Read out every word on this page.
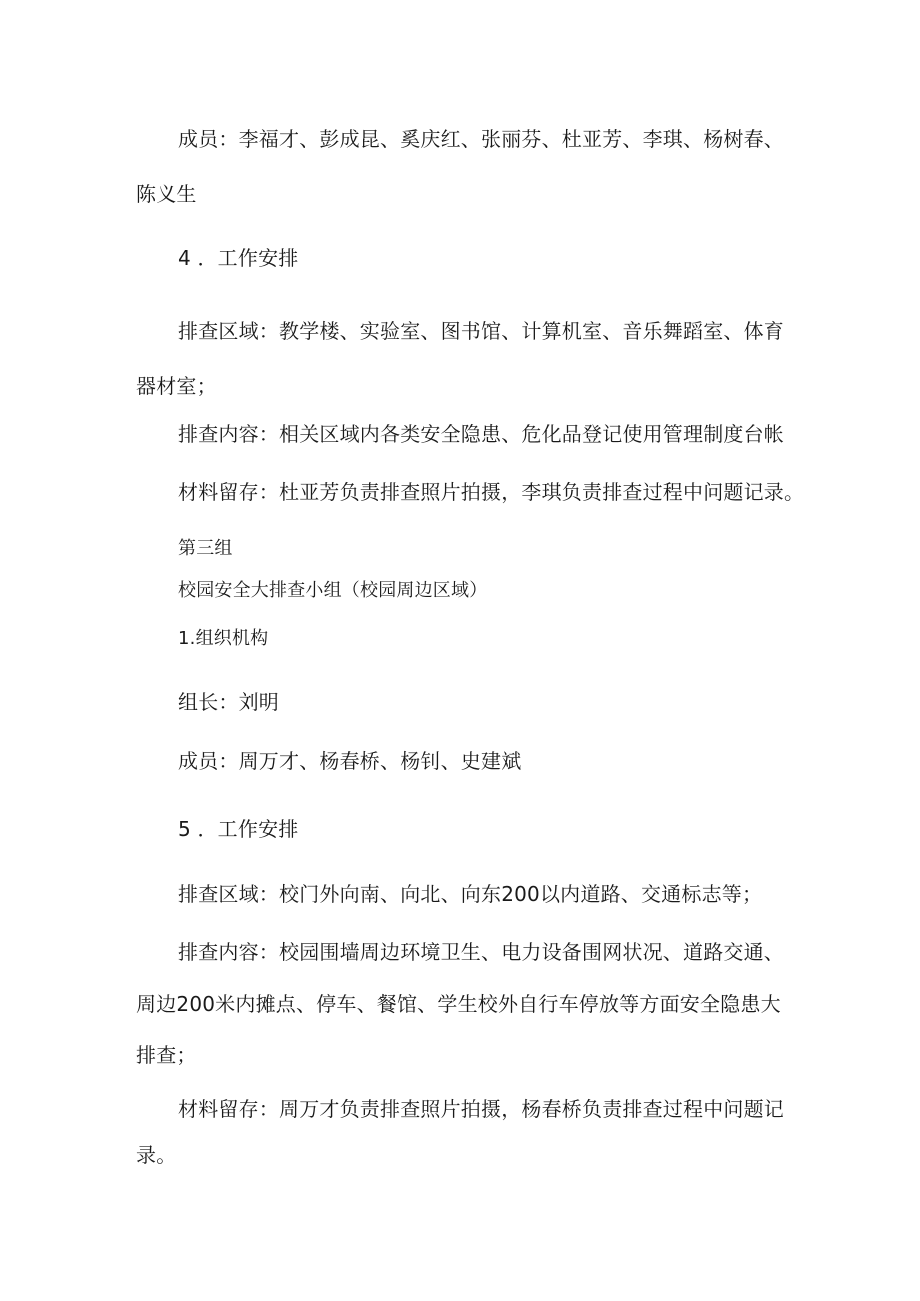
成员：李福才、彭成昆、奚庆红、张丽芬、杜亚芳、李琪、杨树春、
陈义生
4 ．工作安排
排查区域：教学楼、实验室、图书馆、计算机室、音乐舞蹈室、体育
器材室；
排查内容：相关区域内各类安全隐患、危化品登记使用管理制度台帐
材料留存：杜亚芳负责排查照片拍摄，李琪负责排查过程中问题记录。
第三组
校园安全大排查小组（校园周边区域）
1.组织机构
组长：刘明
成员：周万才、杨春桥、杨钊、史建斌
5 ．工作安排
排查区域：校门外向南、向北、向东200以内道路、交通标志等；
排查内容：校园围墙周边环境卫生、电力设备围网状况、道路交通、
周边200米内摊点、停车、餐馆、学生校外自行车停放等方面安全隐患大
排查；
材料留存：周万才负责排查照片拍摄，杨春桥负责排查过程中问题记
录。
